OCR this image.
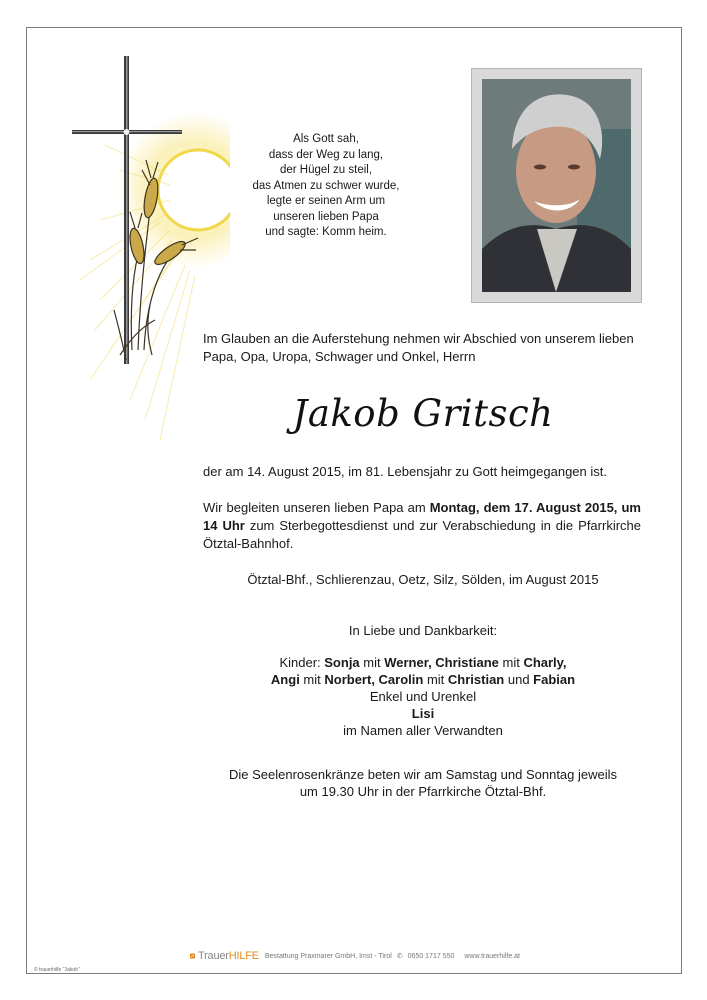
Als Gott sah,
dass der Weg zu lang,
der Hügel zu steil,
das Atmen zu schwer wurde,
legte er seinen Arm um
unseren lieben Papa
und sagte: Komm heim.
Im Glauben an die Auferstehung nehmen wir Abschied von unserem lieben Papa, Opa, Uropa, Schwager und Onkel, Herrn
Jakob Gritsch
der am 14. August 2015, im 81. Lebensjahr zu Gott heimgegangen ist.
Wir begleiten unseren lieben Papa am Montag, dem 17. August 2015, um 14 Uhr zum Sterbegottesdienst und zur Verabschiedung in die Pfarrkirche Ötztal-Bahnhof.
Ötztal-Bhf., Schlierenzau, Oetz, Silz, Sölden, im August 2015
In Liebe und Dankbarkeit:
Kinder: Sonja mit Werner, Christiane mit Charly,
Angi mit Norbert, Carolin mit Christian und Fabian
Enkel und Urenkel
Lisi
im Namen aller Verwandten
Die Seelenrosenkränze beten wir am Samstag und Sonntag jeweils
um 19.30 Uhr in der Pfarrkirche Ötztal-Bhf.
TrauerHILFE Bestattung Praxmarer GmbH, Imst - Tirol ✆ 0650 1717 550 www.trauerhilfe.at
© trauerhilfe "Jakob"
